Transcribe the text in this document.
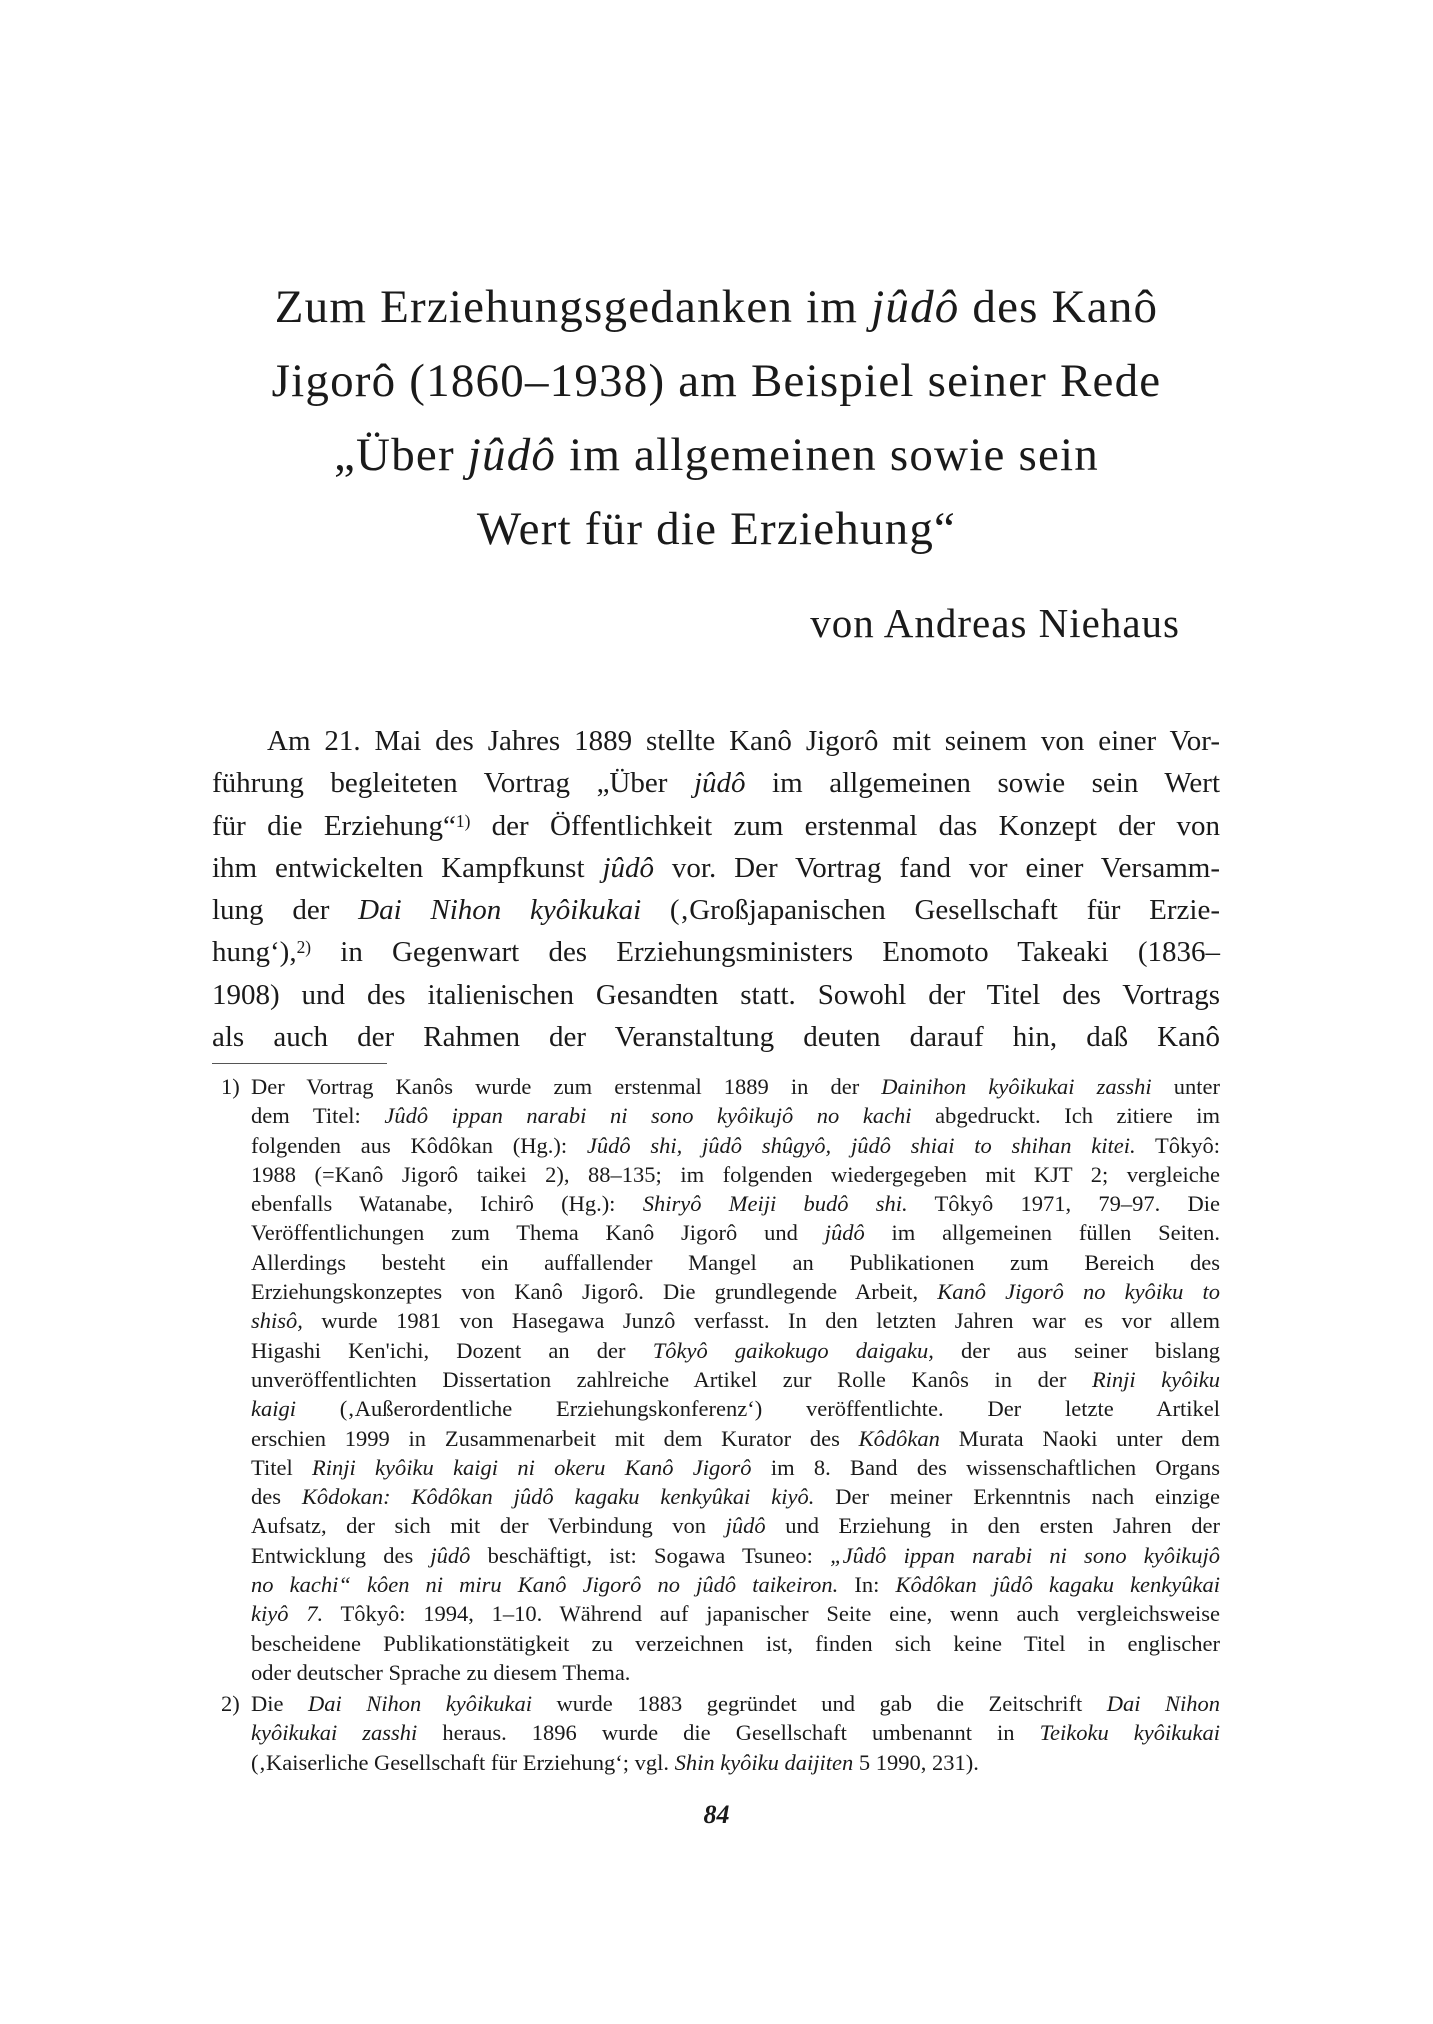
Zum Erziehungsgedanken im jûdô des Kanô
Jigorô (1860–1938) am Beispiel seiner Rede
„Über jûdô im allgemeinen sowie sein
Wert für die Erziehung“
von Andreas Niehaus
Am 21. Mai des Jahres 1889 stellte Kanô Jigorô mit seinem von einer Vor-
führung begleiteten Vortrag „Über jûdô im allgemeinen sowie sein Wert
für die Erziehung“$^{1)}$ der Öffentlichkeit zum erstenmal das Konzept der von
ihm entwickelten Kampfkunst jûdô vor. Der Vortrag fand vor einer Versamm-
lung der Dai Nihon kyôikukai (‚Großjapanischen Gesellschaft für Erzie-
hung‘),$^{2)}$ in Gegenwart des Erziehungsministers Enomoto Takeaki (1836–
1908) und des italienischen Gesandten statt. Sowohl der Titel des Vortrags
als auch der Rahmen der Veranstaltung deuten darauf hin, daß Kanô
1) Der Vortrag Kanôs wurde zum erstenmal 1889 in der Dainihon kyôikukai zasshi unter
dem Titel: Jûdô ippan narabi ni sono kyôikujô no kachi abgedruckt. Ich zitiere im
folgenden aus Kôdôkan (Hg.): Jûdô shi, jûdô shûgyô, jûdô shiai to shihan kitei. Tôkyô:
1988 (=Kanô Jigorô taikei 2), 88–135; im folgenden wiedergegeben mit KJT 2; vergleiche
ebenfalls Watanabe, Ichirô (Hg.): Shiryô Meiji budô shi. Tôkyô 1971, 79–97. Die
Veröffentlichungen zum Thema Kanô Jigorô und jûdô im allgemeinen füllen Seiten.
Allerdings besteht ein auffallender Mangel an Publikationen zum Bereich des
Erziehungskonzeptes von Kanô Jigorô. Die grundlegende Arbeit, Kanô Jigorô no kyôiku to
shisô, wurde 1981 von Hasegawa Junzô verfasst. In den letzten Jahren war es vor allem
Higashi Ken'ichi, Dozent an der Tôkyô gaikokugo daigaku, der aus seiner bislang
unveröffentlichten Dissertation zahlreiche Artikel zur Rolle Kanôs in der Rinji kyôiku
kaigi (‚Außerordentliche Erziehungskonferenz‘) veröffentlichte. Der letzte Artikel
erschien 1999 in Zusammenarbeit mit dem Kurator des Kôdôkan Murata Naoki unter dem
Titel Rinji kyôiku kaigi ni okeru Kanô Jigorô im 8. Band des wissenschaftlichen Organs
des Kôdokan: Kôdôkan jûdô kagaku kenkyûkai kiyô. Der meiner Erkenntnis nach einzige
Aufsatz, der sich mit der Verbindung von jûdô und Erziehung in den ersten Jahren der
Entwicklung des jûdô beschäftigt, ist: Sogawa Tsuneo: „Jûdô ippan narabi ni sono kyôikujô
no kachi“ kôen ni miru Kanô Jigorô no jûdô taikeiron. In: Kôdôkan jûdô kagaku kenkyûkai
kiyô 7. Tôkyô: 1994, 1–10. Während auf japanischer Seite eine, wenn auch vergleichsweise
bescheidene Publikationstätigkeit zu verzeichnen ist, finden sich keine Titel in englischer
oder deutscher Sprache zu diesem Thema.
2) Die Dai Nihon kyôikukai wurde 1883 gegründet und gab die Zeitschrift Dai Nihon
kyôikukai zasshi heraus. 1896 wurde die Gesellschaft umbenannt in Teikoku kyôikukai
(‚Kaiserliche Gesellschaft für Erziehung‘; vgl. Shin kyôiku daijiten 5 1990, 231).
84
